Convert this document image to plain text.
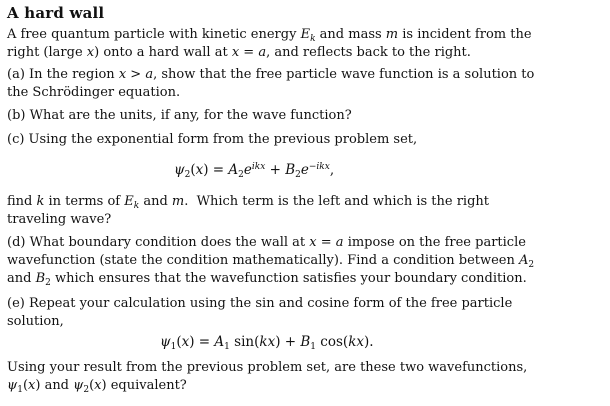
A hard wall
A free quantum particle with kinetic energy $E_k$ and mass m is incident from the
right (large x) onto a hard wall at x = a, and reflects back to the right.
(a) In the region x > a, show that the free particle wave function is a solution to
the Schrödinger equation.
(b) What are the units, if any, for the wave function?
(c) Using the exponential form from the previous problem set,
$\psi_2(x) = A_2e^{ikx} + B_2e^{-ikx}$,
find k in terms of $E_k$ and m.  Which term is the left and which is the right
traveling wave?
(d) What boundary condition does the wall at x = a impose on the free particle
wavefunction (state the condition mathematically). Find a condition between $A_2$
and $B_2$ which ensures that the wavefunction satisfies your boundary condition.
(e) Repeat your calculation using the sin and cosine form of the free particle
solution,
$\psi_1(x) = A_1$ $\sin(kx) + B_1$ cos(kx).
Using your result from the previous problem set, are these two wavefunctions,
$\psi_1(x)$ and $\psi_2(x)$ equivalent?
